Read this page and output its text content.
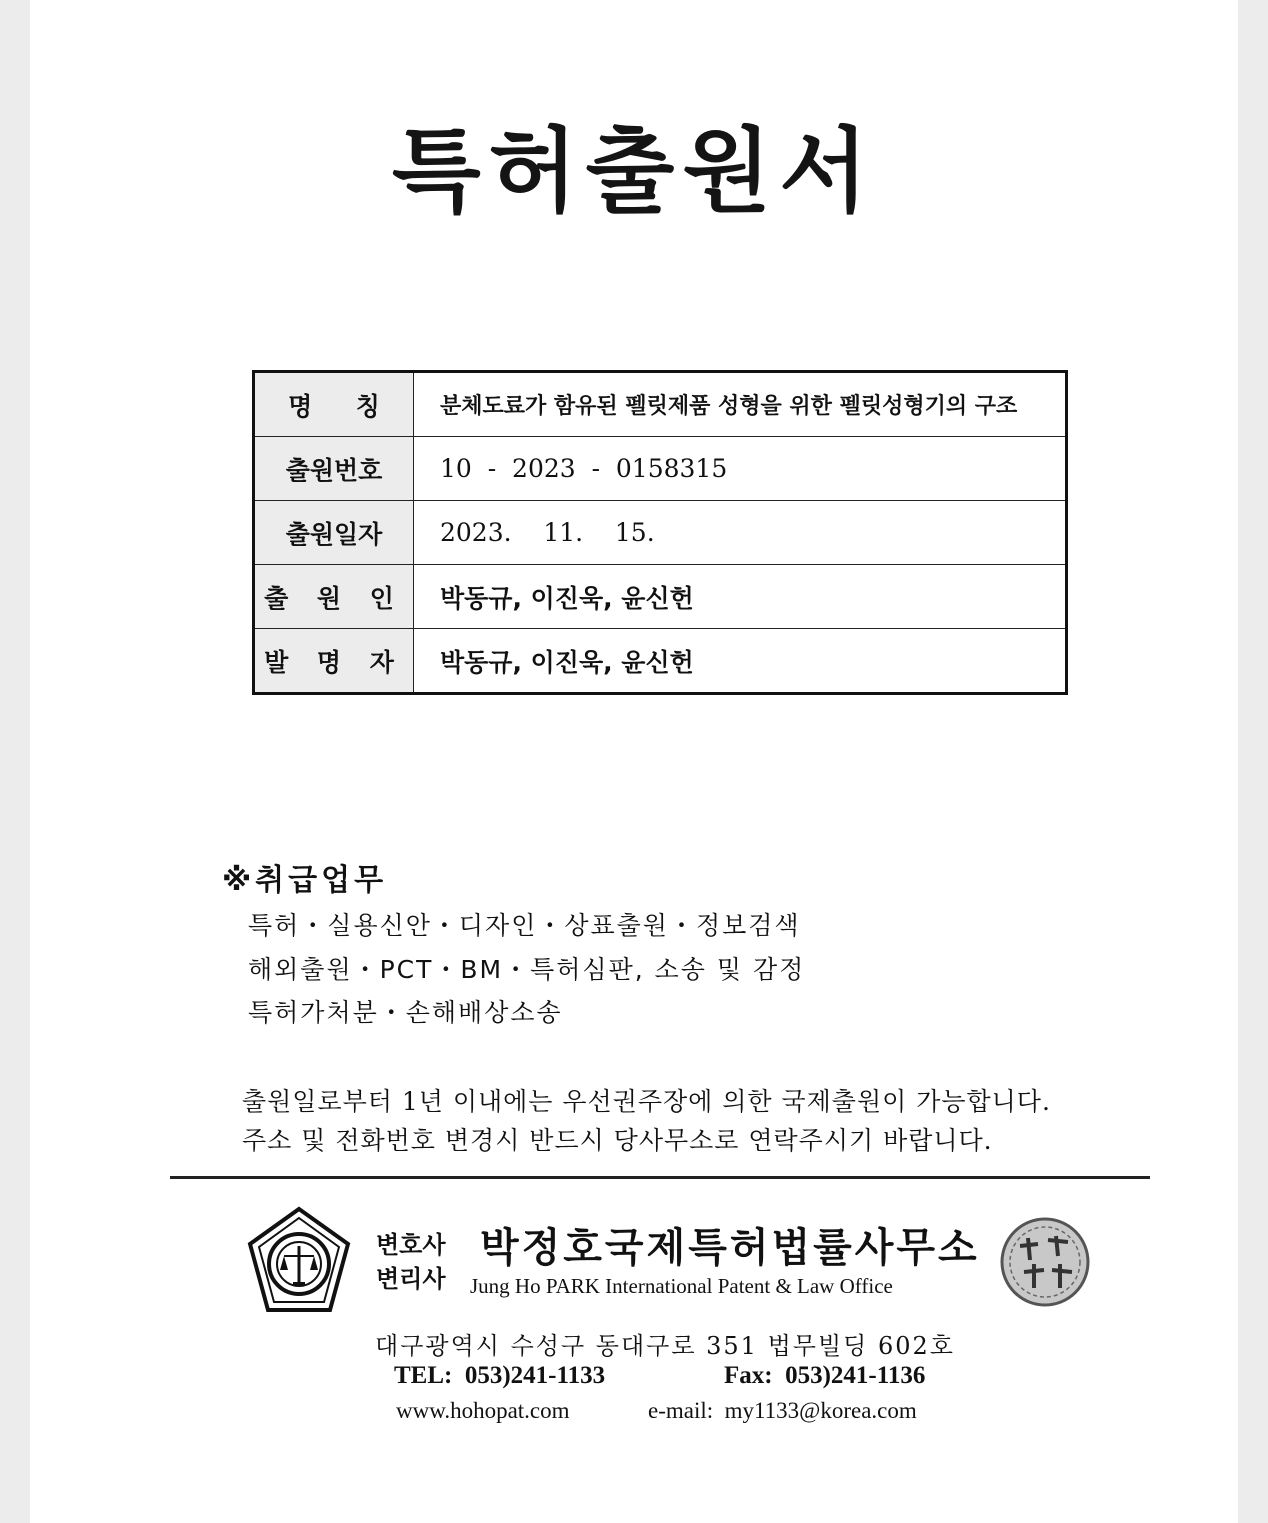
특허출원서
명     칭	분체도료가 함유된 펠릿제품 성형을 위한 펠릿성형기의 구조
출원번호	10  -  2023  -  0158315
출원일자	2023.    11.    15.
출 원 인	박동규, 이진욱, 윤신헌
발 명 자	박동규, 이진욱, 윤신헌
※취급업무
특허・실용신안・디자인・상표출원・정보검색
해외출원・PCT・BM・특허심판, 소송 및 감정
특허가처분・손해배상소송
출원일로부터 1년 이내에는 우선권주장에 의한 국제출원이 가능합니다.
주소 및 전화번호 변경시 반드시 당사무소로 연락주시기 바랍니다.
변호사
변리사
박정호국제특허법률사무소
Jung Ho PARK International Patent & Law Office
대구광역시 수성구 동대구로 351 법무빌딩 602호
TEL:  053)241-1133	Fax:  053)241-1136
www.hohopat.com	e-mail:  my1133@korea.com
